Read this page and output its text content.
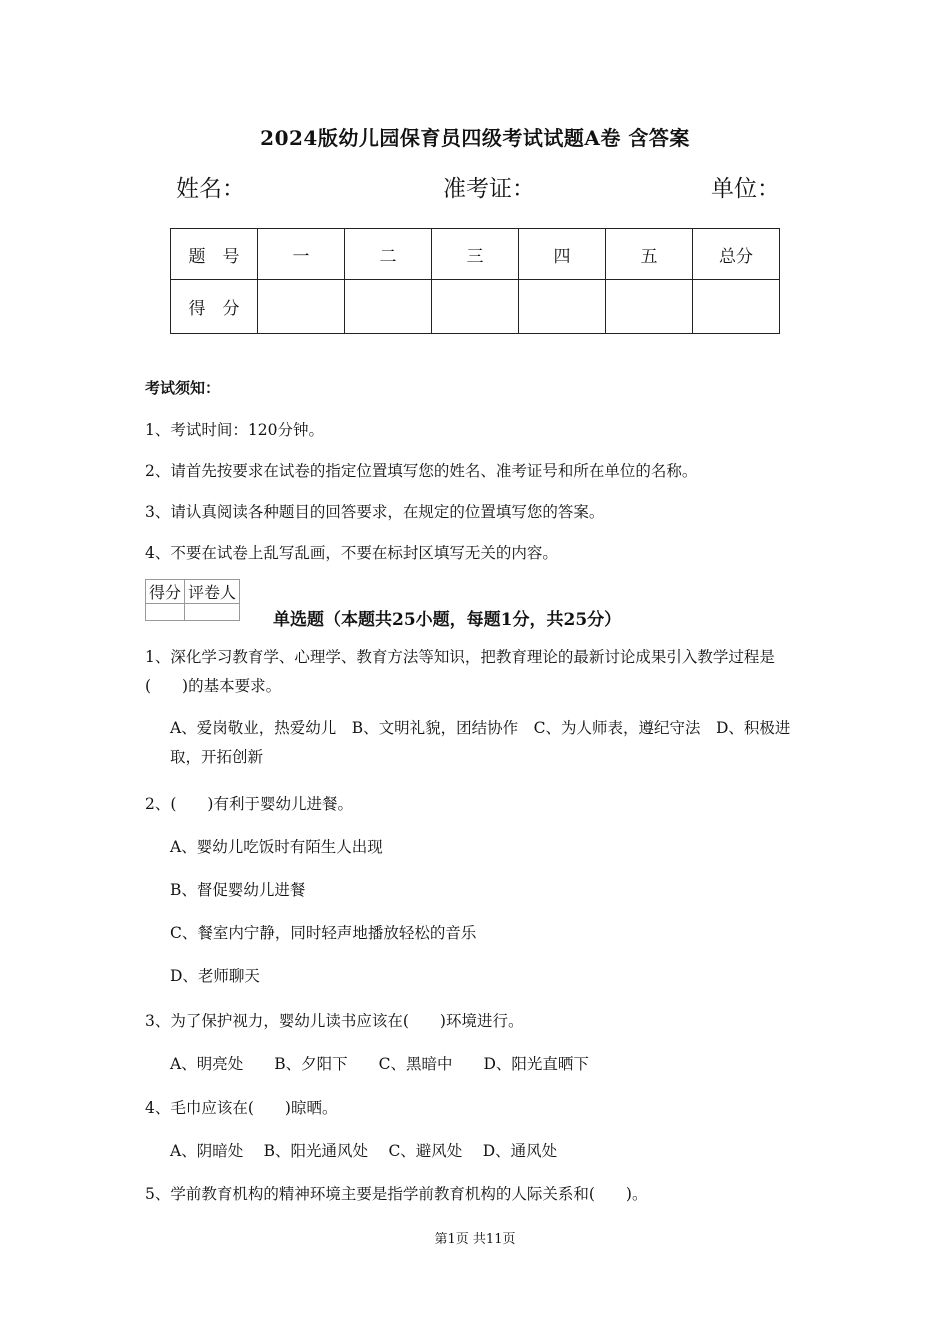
2024版幼儿园保育员四级考试试题A卷 含答案
姓名：	准考证：	单位：
题　号	一	二	三	四	五	总分
得　分						
考试须知：
1、考试时间：120分钟。
2、请首先按要求在试卷的指定位置填写您的姓名、准考证号和所在单位的名称。
3、请认真阅读各种题目的回答要求，在规定的位置填写您的答案。
4、不要在试卷上乱写乱画，不要在标封区填写无关的内容。
得分	评卷人

单选题（本题共25小题，每题1分，共25分）
1、深化学习教育学、心理学、教育方法等知识，把教育理论的最新讨论成果引入教学过程是(　　)的基本要求。
A、爱岗敬业，热爱幼儿　B、文明礼貌，团结协作　C、为人师表，遵纪守法　D、积极进取，开拓创新
2、(　　)有利于婴幼儿进餐。
A、婴幼儿吃饭时有陌生人出现
B、督促婴幼儿进餐
C、餐室内宁静，同时轻声地播放轻松的音乐
D、老师聊天
3、为了保护视力，婴幼儿读书应该在(　　)环境进行。
A、明亮处　　B、夕阳下　　C、黑暗中　　D、阳光直晒下
4、毛巾应该在(　　)晾晒。
A、阴暗处　 B、阳光通风处　 C、避风处　 D、通风处
5、学前教育机构的精神环境主要是指学前教育机构的人际关系和(　　)。
第1页 共11页
